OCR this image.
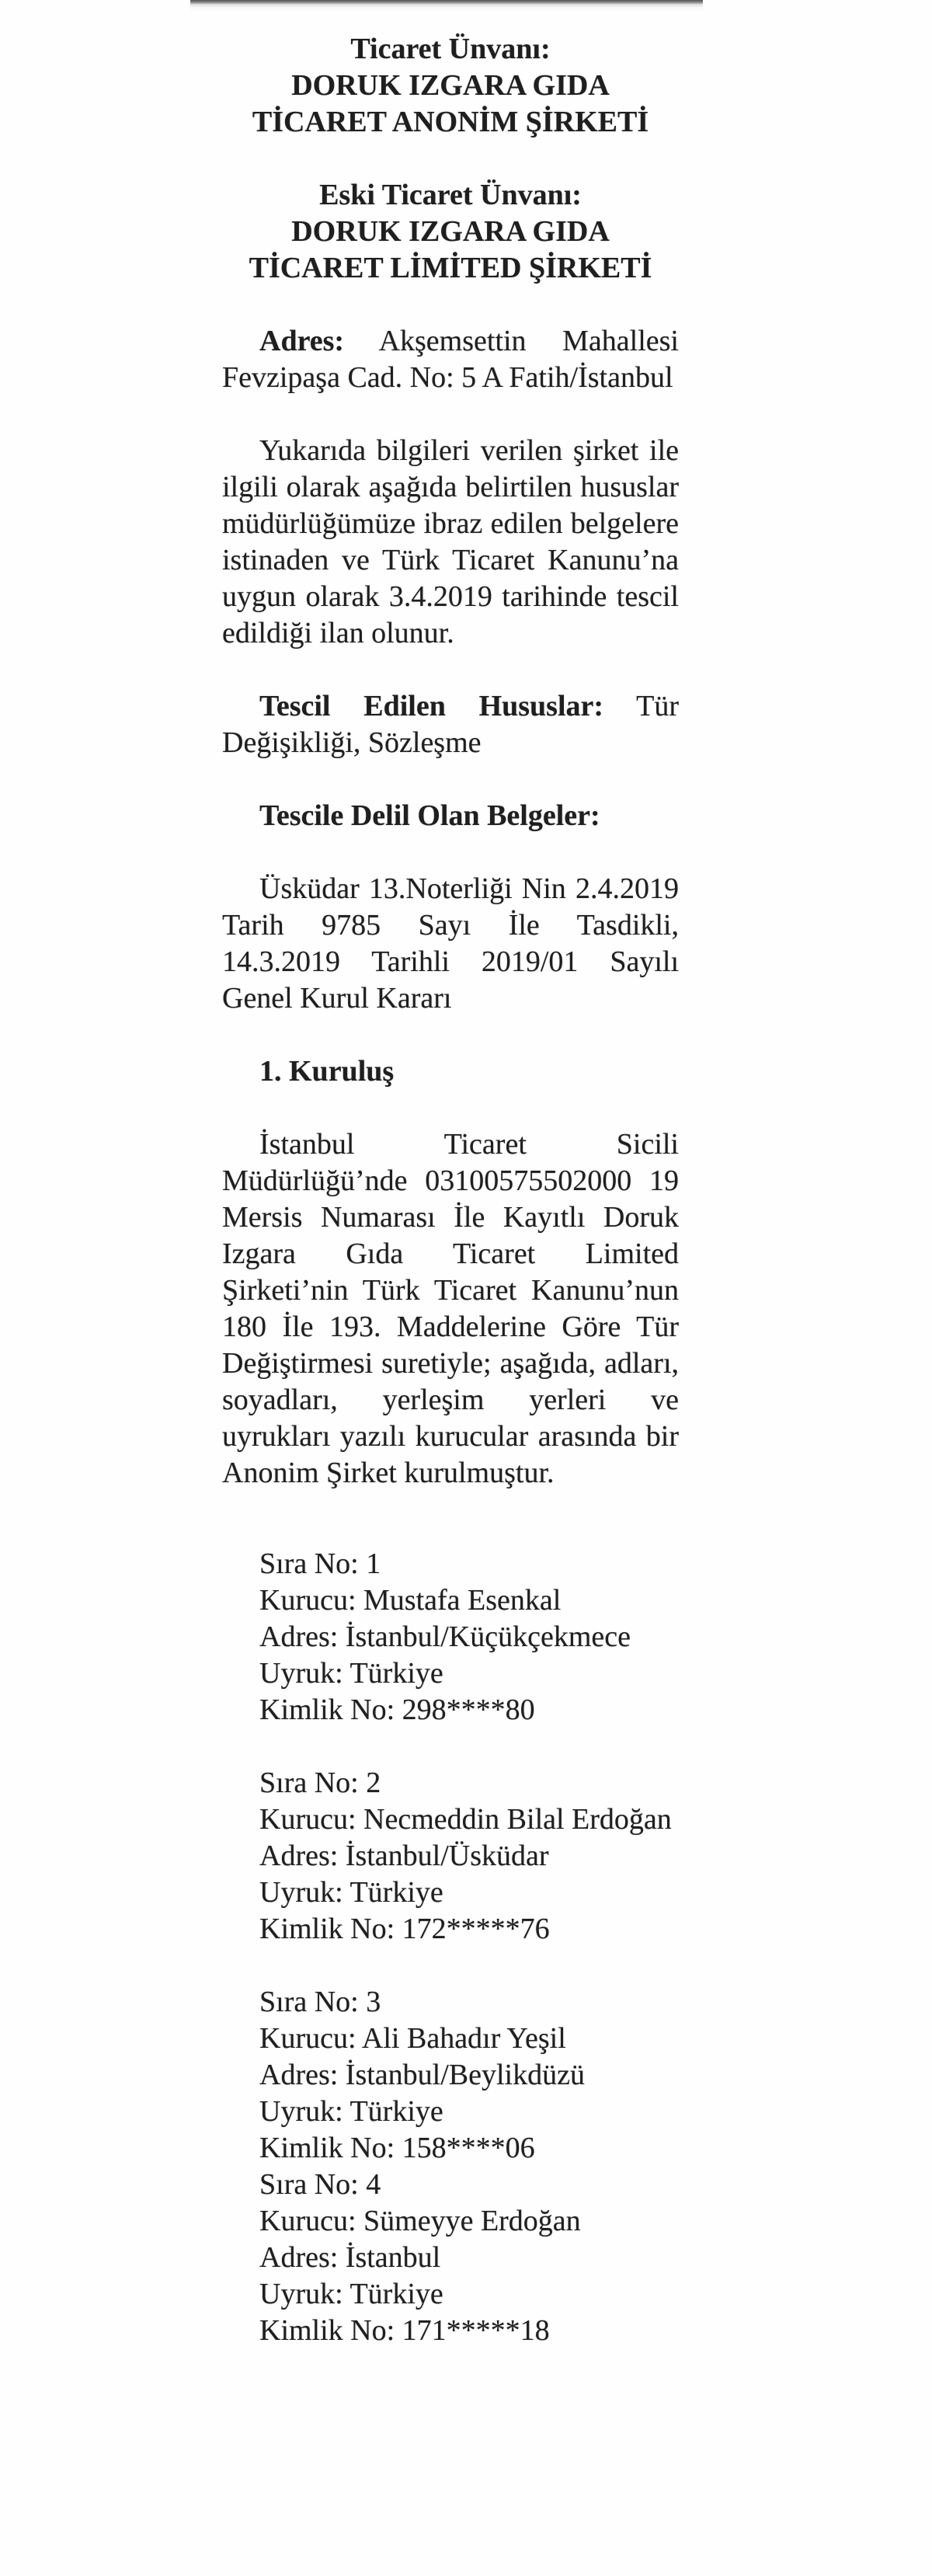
Ticaret Ünvanı:
DORUK IZGARA GIDA
TİCARET ANONİM ŞİRKETİ
Eski Ticaret Ünvanı:
DORUK IZGARA GIDA
TİCARET LİMİTED ŞİRKETİ

Adres: Akşemsettin Mahallesi Fevzipaşa Cad. No: 5 A Fatih/İstanbul

Yukarıda bilgileri verilen şirket ile ilgili olarak aşağıda belirtilen hususlar müdürlüğümüze ibraz edilen belgelere istinaden ve Türk Ticaret Kanunu’na uygun olarak 3.4.2019 tarihinde tescil edildiği ilan olunur.

Tescil Edilen Hususlar: Tür Değişikliği, Sözleşme

Tescile Delil Olan Belgeler:

Üsküdar 13.Noterliği Nin 2.4.2019 Tarih 9785 Sayı İle Tasdikli, 14.3.2019 Tarihli 2019/01 Sayılı Genel Kurul Kararı

1. Kuruluş

İstanbul Ticaret Sicili Müdürlüğü’nde 03100575502000 19 Mersis Numarası İle Kayıtlı Doruk Izgara Gıda Ticaret Limited Şirketi’nin Türk Ticaret Kanunu’nun 180 İle 193. Maddelerine Göre Tür Değiştirmesi suretiyle; aşağıda, adları, soyadları, yerleşim yerleri ve uyrukları yazılı kurucular arasında bir Anonim Şirket kurulmuştur.

Sıra No: 1
Kurucu: Mustafa Esenkal
Adres: İstanbul/Küçükçekmece
Uyruk: Türkiye
Kimlik No: 298****80
Sıra No: 2
Kurucu: Necmeddin Bilal Erdoğan
Adres: İstanbul/Üsküdar
Uyruk: Türkiye
Kimlik No: 172*****76
Sıra No: 3
Kurucu: Ali Bahadır Yeşil
Adres: İstanbul/Beylikdüzü
Uyruk: Türkiye
Kimlik No: 158****06
Sıra No: 4
Kurucu: Sümeyye Erdoğan
Adres: İstanbul
Uyruk: Türkiye
Kimlik No: 171*****18
